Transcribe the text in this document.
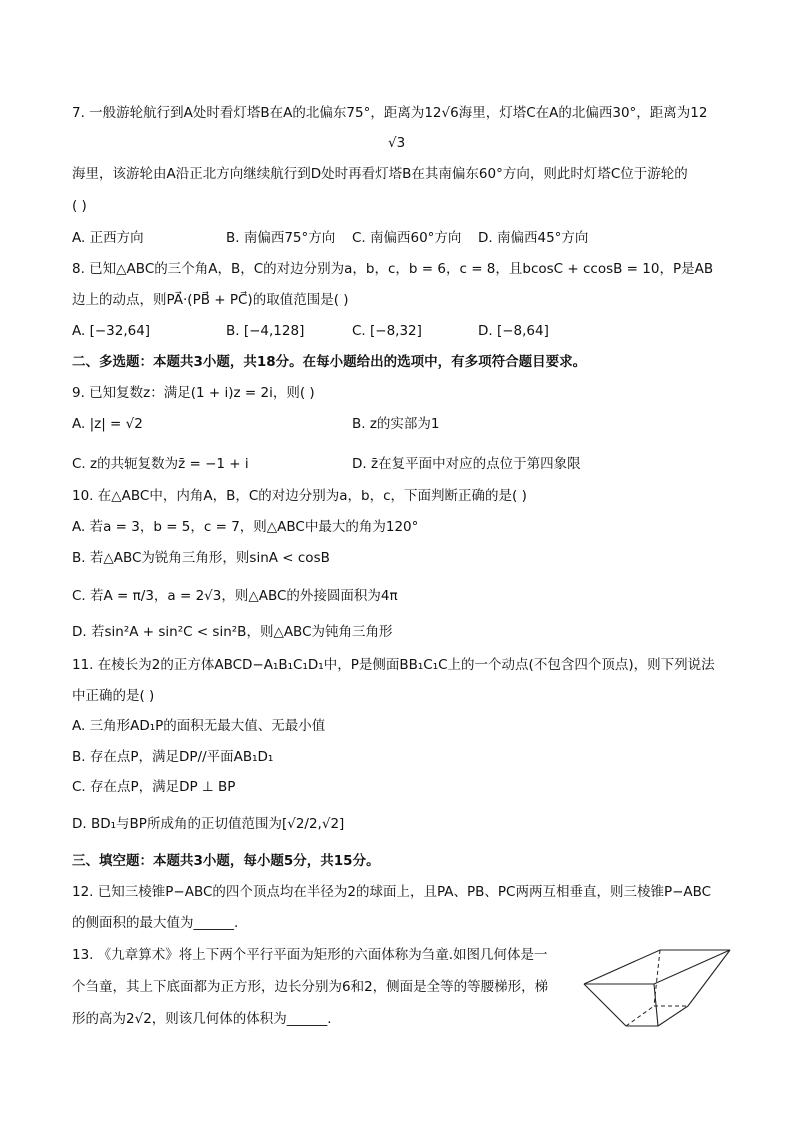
7. 一般游轮航行到A处时看灯塔B在A的北偏东75°，距离为12√6海里，灯塔C在A的北偏西30°，距离为12
√3
海里，该游轮由A沿正北方向继续航行到D处时再看灯塔B在其南偏东60°方向，则此时灯塔C位于游轮的
( )
A. 正西方向	B. 南偏西75°方向 C. 南偏西60°方向 D. 南偏西45°方向
8. 已知△ABC的三个角A，B，C的对边分别为a，b，c，b = 6，c = 8，且bcosC + ccosB = 10，P是AB
边上的动点，则PA⃗·(PB⃗ + PC⃗)的取值范围是( )
A. [−32,64]	B. [−4,128]	C. [−8,32]	D. [−8,64]
二、多选题：本题共3小题，共18分。在每小题给出的选项中，有多项符合题目要求。
9. 已知复数z：满足(1 + i)z = 2i，则( )
A. |z| = √2	B. z的实部为1
C. z的共轭复数为z̄ = −1 + i	D. z̄在复平面中对应的点位于第四象限
10. 在△ABC中，内角A，B，C的对边分别为a，b，c，下面判断正确的是( )
A. 若a = 3，b = 5，c = 7，则△ABC中最大的角为120°
B. 若△ABC为锐角三角形，则sinA < cosB
C. 若A = π/3，a = 2√3，则△ABC的外接圆面积为4π
D. 若sin²A + sin²C < sin²B，则△ABC为钝角三角形
11. 在棱长为2的正方体ABCD−A₁B₁C₁D₁中，P是侧面BB₁C₁C上的一个动点(不包含四个顶点)，则下列说法
中正确的是( )
A. 三角形AD₁P的面积无最大值、无最小值
B. 存在点P，满足DP//平面AB₁D₁
C. 存在点P，满足DP ⊥ BP
D. BD₁与BP所成角的正切值范围为[√2/2,√2]
三、填空题：本题共3小题，每小题5分，共15分。
12. 已知三棱锥P−ABC的四个顶点均在半径为2的球面上，且PA、PB、PC两两互相垂直，则三棱锥P−ABC
的侧面积的最大值为______.
13. 《九章算术》将上下两个平行平面为矩形的六面体称为刍童.如图几何体是一
个刍童，其上下底面都为正方形，边长分别为6和2，侧面是全等的等腰梯形，梯
形的高为2√2，则该几何体的体积为______.
